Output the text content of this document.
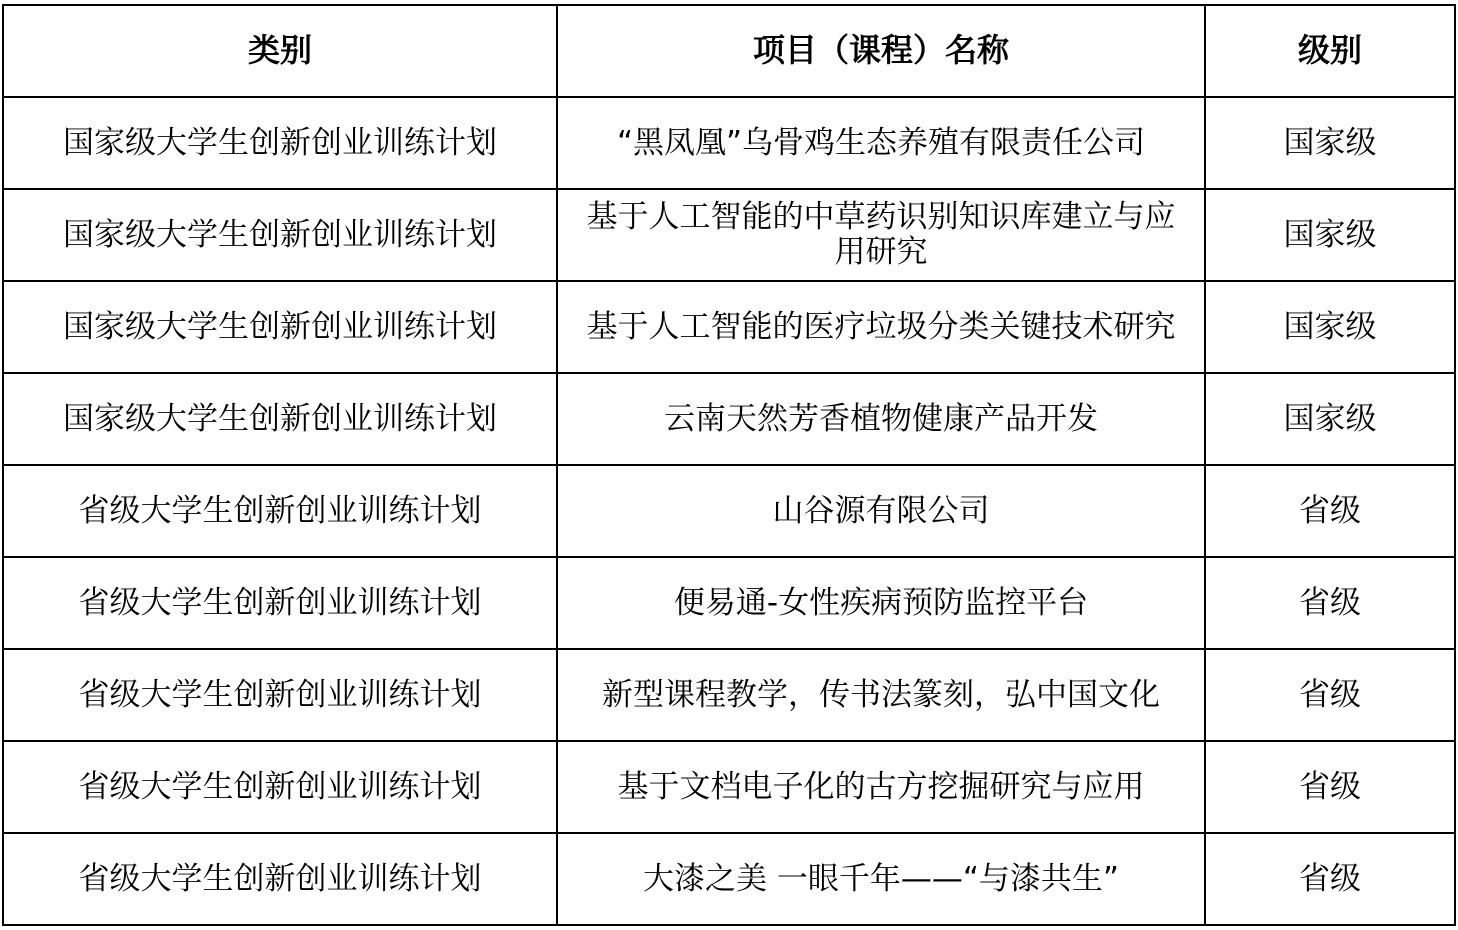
类别	项目（课程）名称	级别
国家级大学生创新创业训练计划	“黑凤凰”乌骨鸡生态养殖有限责任公司	国家级
国家级大学生创新创业训练计划	基于人工智能的中草药识别知识库建立与应用研究	国家级
国家级大学生创新创业训练计划	基于人工智能的医疗垃圾分类关键技术研究	国家级
国家级大学生创新创业训练计划	云南天然芳香植物健康产品开发	国家级
省级大学生创新创业训练计划	山谷源有限公司	省级
省级大学生创新创业训练计划	便易通-女性疾病预防监控平台	省级
省级大学生创新创业训练计划	新型课程教学，传书法篆刻，弘中国文化	省级
省级大学生创新创业训练计划	基于文档电子化的古方挖掘研究与应用	省级
省级大学生创新创业训练计划	大漆之美 一眼千年——“与漆共生”	省级
